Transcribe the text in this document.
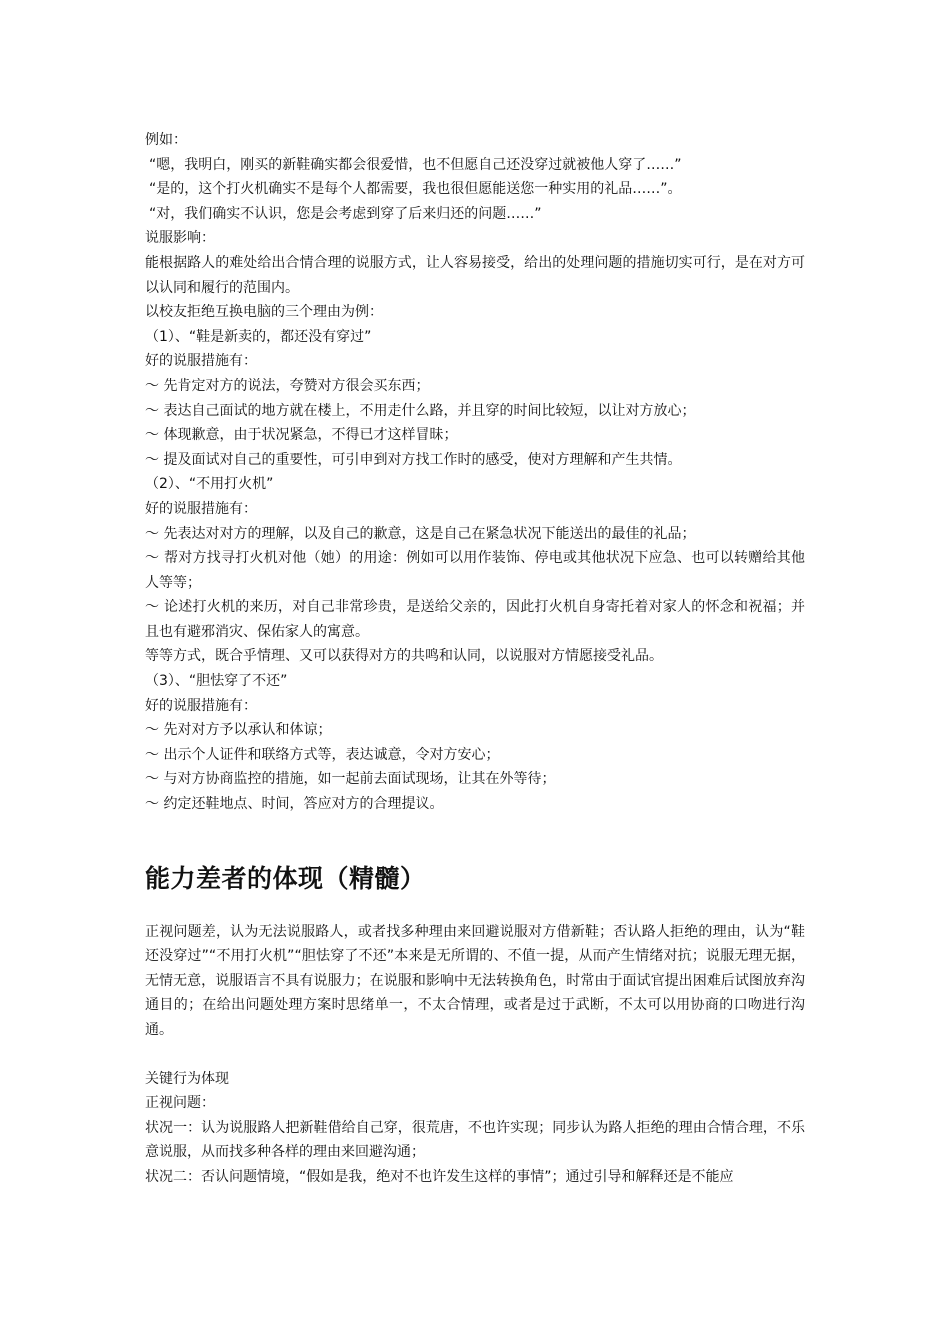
例如：
“嗯，我明白，刚买的新鞋确实都会很爱惜，也不但愿自己还没穿过就被他人穿了……”
“是的，这个打火机确实不是每个人都需要，我也很但愿能送您一种实用的礼品……”。
“对，我们确实不认识，您是会考虑到穿了后来归还的问题……”
说服影响：
能根据路人的难处给出合情合理的说服方式，让人容易接受，给出的处理问题的措施切实可行，是在对方可以认同和履行的范围内。
以校友拒绝互换电脑的三个理由为例：
（1）、“鞋是新卖的，都还没有穿过”
好的说服措施有：
～ 先肯定对方的说法，夸赞对方很会买东西；
～ 表达自己面试的地方就在楼上，不用走什么路，并且穿的时间比较短，以让对方放心；
～ 体现歉意，由于状况紧急，不得已才这样冒昧；
～ 提及面试对自己的重要性，可引申到对方找工作时的感受，使对方理解和产生共情。
（2）、“不用打火机”
好的说服措施有：
～ 先表达对对方的理解，以及自己的歉意，这是自己在紧急状况下能送出的最佳的礼品；
～ 帮对方找寻打火机对他（她）的用途：例如可以用作装饰、停电或其他状况下应急、也可以转赠给其他人等等；
～ 论述打火机的来历，对自己非常珍贵，是送给父亲的，因此打火机自身寄托着对家人的怀念和祝福；并且也有避邪消灾、保佑家人的寓意。
等等方式，既合乎情理、又可以获得对方的共鸣和认同，以说服对方情愿接受礼品。
（3）、“胆怯穿了不还”
好的说服措施有：
～ 先对对方予以承认和体谅；
～ 出示个人证件和联络方式等，表达诚意，令对方安心；
～ 与对方协商监控的措施，如一起前去面试现场，让其在外等待；
～ 约定还鞋地点、时间，答应对方的合理提议。
能力差者的体现（精髓）
正视问题差，认为无法说服路人，或者找多种理由来回避说服对方借新鞋；否认路人拒绝的理由，认为“鞋还没穿过”“不用打火机”“胆怯穿了不还”本来是无所谓的、不值一提，从而产生情绪对抗；说服无理无据，无情无意，说服语言不具有说服力；在说服和影响中无法转换角色，时常由于面试官提出困难后试图放弃沟通目的；在给出问题处理方案时思绪单一，不太合情理，或者是过于武断，不太可以用协商的口吻进行沟通。
关键行为体现
正视问题：
状况一：认为说服路人把新鞋借给自己穿，很荒唐，不也许实现；同步认为路人拒绝的理由合情合理，不乐意说服，从而找多种各样的理由来回避沟通；
状况二：否认问题情境，“假如是我，绝对不也许发生这样的事情”；通过引导和解释还是不能应
